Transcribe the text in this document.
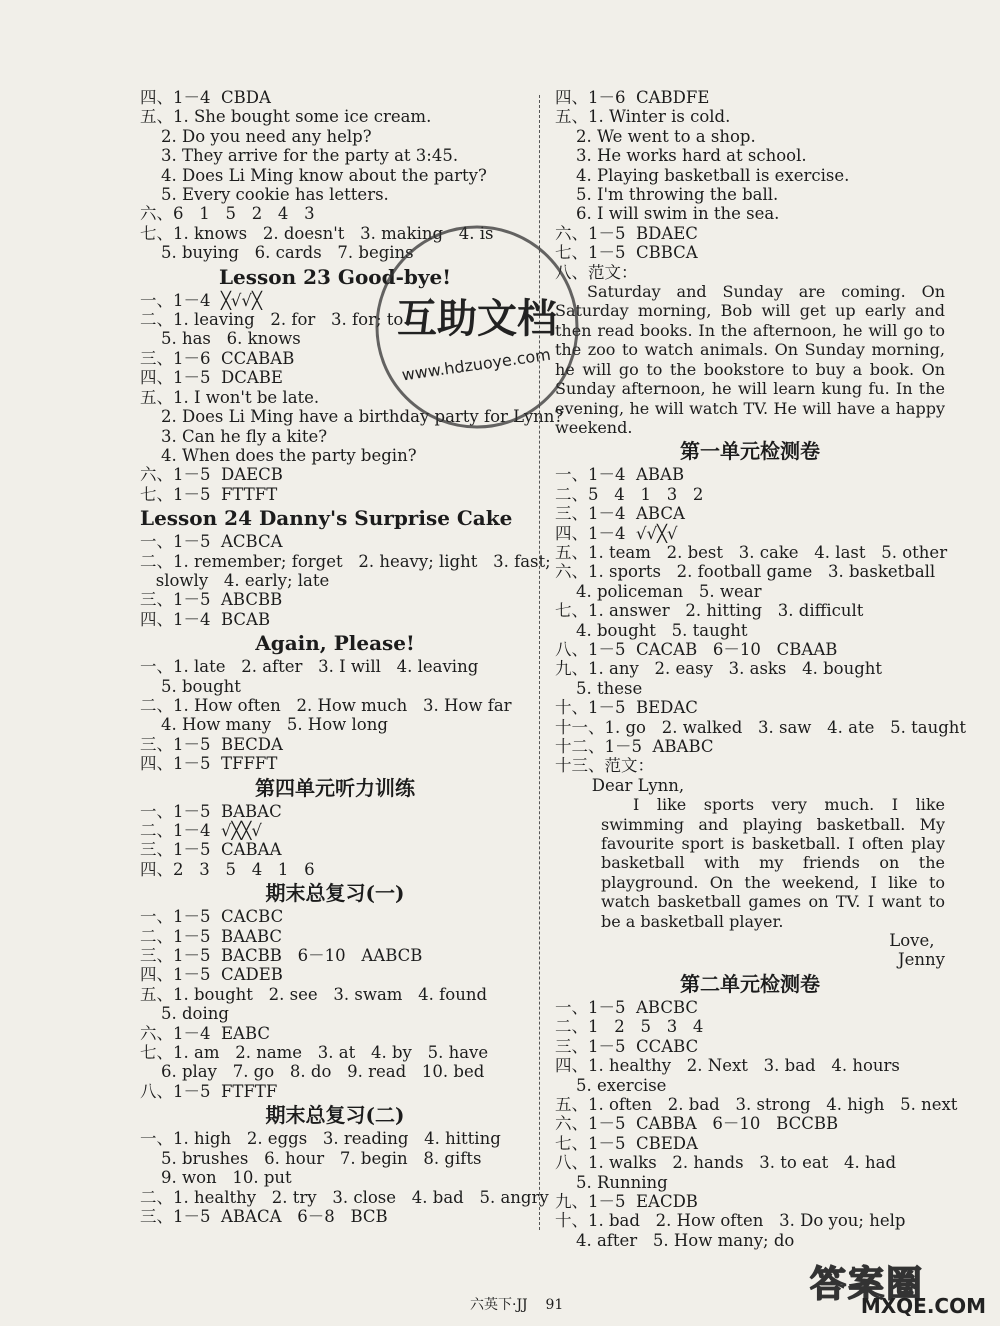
四、1－4  CBDA
五、1. She bought some ice cream.
2. Do you need any help?
3. They arrive for the party at 3:45.
4. Does Li Ming know about the party?
5. Every cookie has letters.
六、6   1   5   2   4   3
七、1. knows   2. doesn't   3. making   4. is
5. buying   6. cards   7. begins
Lesson 23 Good-bye!
一、1－4  ╳√√╳
二、1. leaving   2. for   3. for; to
5. has   6. knows
三、1－6  CCABAB
四、1－5  DCABE
五、1. I won't be late.
2. Does Li Ming have a birthday party for Lynn?
3. Can he fly a kite?
4. When does the party begin?
六、1－5  DAECB
七、1－5  FTTFT
Lesson 24 Danny's Surprise Cake
一、1－5  ACBCA
二、1. remember; forget   2. heavy; light   3. fast;
slowly   4. early; late
三、1－5  ABCBB
四、1－4  BCAB
Again, Please!
一、1. late   2. after   3. I will   4. leaving
5. bought
二、1. How often   2. How much   3. How far
4. How many   5. How long
三、1－5  BECDA
四、1－5  TFFFT
第四单元听力训练
一、1－5  BABAC
二、1－4  √╳╳√
三、1－5  CABAA
四、2   3   5   4   1   6
期末总复习(一)
一、1－5  CACBC
二、1－5  BAABC
三、1－5  BACBB   6－10   AABCB
四、1－5  CADEB
五、1. bought   2. see   3. swam   4. found
5. doing
六、1－4  EABC
七、1. am   2. name   3. at   4. by   5. have
6. play   7. go   8. do   9. read   10. bed
八、1－5  FTFTF
期末总复习(二)
一、1. high   2. eggs   3. reading   4. hitting
5. brushes   6. hour   7. begin   8. gifts
9. won   10. put
二、1. healthy   2. try   3. close   4. bad   5. angry
三、1－5  ABACA   6－8   BCB
四、1－6  CABDFE
五、1. Winter is cold.
2. We went to a shop.
3. He works hard at school.
4. Playing basketball is exercise.
5. I'm throwing the ball.
6. I will swim in the sea.
六、1－5  BDAEC
七、1－5  CBBCA
八、范文：
Saturday and Sunday are coming. On Saturday morning, Bob will get up early and then read books. In the afternoon, he will go to the zoo to watch animals. On Sunday morning, he will go to the bookstore to buy a book. On Sunday afternoon, he will learn kung fu. In the evening, he will watch TV. He will have a happy weekend.
第一单元检测卷
一、1－4  ABAB
二、5   4   1   3   2
三、1－4  ABCA
四、1－4  √√╳√
五、1. team   2. best   3. cake   4. last   5. other
六、1. sports   2. football game   3. basketball
4. policeman   5. wear
七、1. answer   2. hitting   3. difficult
4. bought   5. taught
八、1－5  CACAB   6－10   CBAAB
九、1. any   2. easy   3. asks   4. bought
5. these
十、1－5  BEDAC
十一、1. go   2. walked   3. saw   4. ate   5. taught
十二、1－5  ABABC
十三、范文：
Dear Lynn,
I like sports very much. I like swimming and playing basketball. My favourite sport is basketball. I often play basketball with my friends on the playground. On the weekend, I like to watch basketball games on TV. I want to be a basketball player.
Love,
Jenny
第二单元检测卷
一、1－5  ABCBC
二、1   2   5   3   4
三、1－5  CCABC
四、1. healthy   2. Next   3. bad   4. hours
5. exercise
五、1. often   2. bad   3. strong   4. high   5. next
六、1－5  CABBA   6－10   BCCBB
七、1－5  CBEDA
八、1. walks   2. hands   3. to eat   4. had
5. Running
九、1－5  EACDB
十、1. bad   2. How often   3. Do you; help
4. after   5. How many; do
六英下·JJ    91
互助文档
www.hdzuoye.com
答案圈
MXQE.COM
